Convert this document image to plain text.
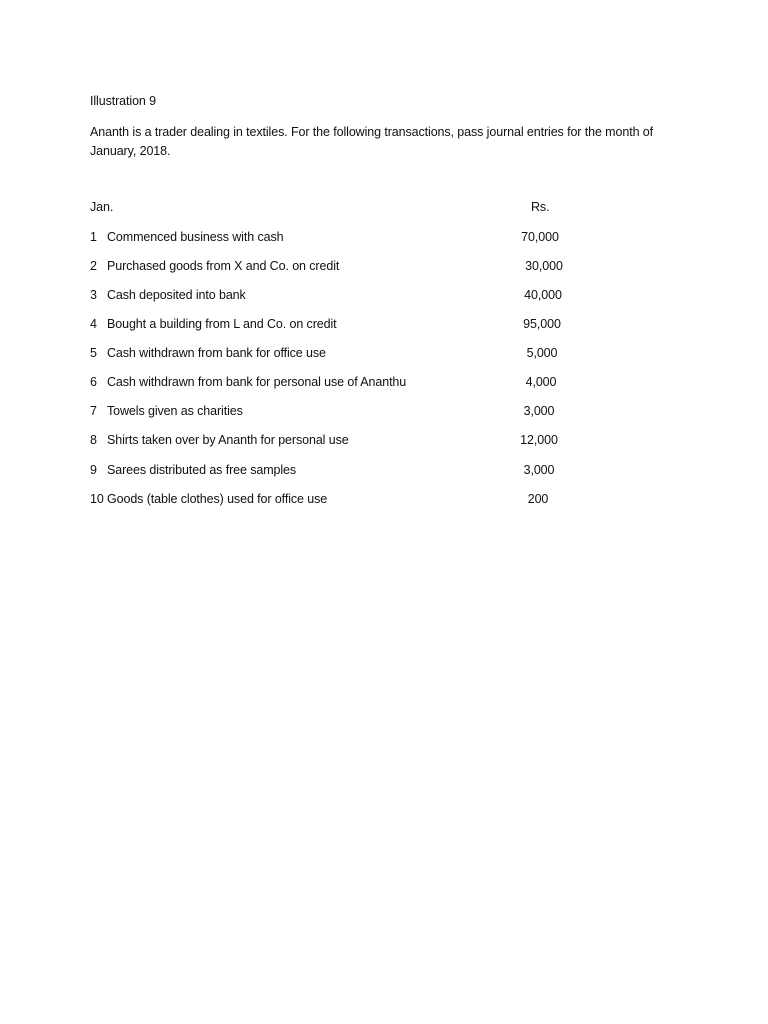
Illustration 9

Ananth is a trader dealing in textiles. For the following transactions, pass journal entries for the month of January, 2018.

Jan.	Rs.
1 Commenced business with cash	70,000
2 Purchased goods from X and Co. on credit	30,000
3 Cash deposited into bank	40,000
4 Bought a building from L and Co. on credit	95,000
5 Cash withdrawn from bank for office use	5,000
6 Cash withdrawn from bank for personal use of Ananthu	4,000
7 Towels given as charities	3,000
8 Shirts taken over by Ananth for personal use	12,000
9 Sarees distributed as free samples	3,000
10 Goods (table clothes) used for office use	200
